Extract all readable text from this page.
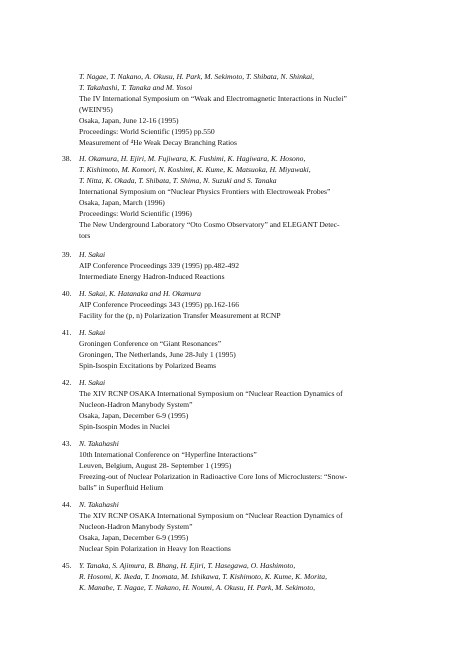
T. Nagae, T. Nakano, A. Okusu, H. Park, M. Sekimoto, T. Shibata, N. Shinkai,
T. Takahashi, T. Tanaka and M. Yosoi
The IV International Symposium on “Weak and Electromagnetic Interactions in Nuclei”
(WEIN'95)
Osaka, Japan, June 12-16 (1995)
Proceedings: World Scientific (1995) pp.550
Measurement of ⁴He Weak Decay Branching Ratios
38. H. Okamura, H. Ejiri, M. Fujiwara, K. Fushimi, K. Hagiwara, K. Hosono,
T. Kishimoto, M. Komori, N. Koshimi, K. Kume, K. Matsuoka, H. Miyawaki,
T. Nitta, K. Okada, T. Shibata, T. Shima, N. Suzuki and S. Tanaka
International Symposium on “Nuclear Physics Frontiers with Electroweak Probes”
Osaka, Japan, March (1996)
Proceedings: World Scientific (1996)
The New Underground Laboratory “Oto Cosmo Observatory” and ELEGANT Detec-
tors
39. H. Sakai
AIP Conference Proceedings 339 (1995) pp.482-492
Intermediate Energy Hadron-Induced Reactions
40. H. Sakai, K. Hatanaka and H. Okamura
AIP Conference Proceedings 343 (1995) pp.162-166
Facility for the (p, n) Polarization Transfer Measurement at RCNP
41. H. Sakai
Groningen Conference on “Giant Resonances”
Groningen, The Netherlands, June 28-July 1 (1995)
Spin-Isospin Excitations by Polarized Beams
42. H. Sakai
The XIV RCNP OSAKA International Symposium on “Nuclear Reaction Dynamics of
Nucleon-Hadron Manybody System”
Osaka, Japan, December 6-9 (1995)
Spin-Isospin Modes in Nuclei
43. N. Takahashi
10th International Conference on “Hyperfine Interactions”
Leuven, Belgium, August 28- September 1 (1995)
Freezing-out of Nuclear Polarization in Radioactive Core Ions of Microclusters: “Snow-
balls” in Superfluid Helium
44. N. Takahashi
The XIV RCNP OSAKA International Symposium on “Nuclear Reaction Dynamics of
Nucleon-Hadron Manybody System”
Osaka, Japan, December 6-9 (1995)
Nuclear Spin Polarization in Heavy Ion Reactions
45. Y. Tanaka, S. Ajimura, B. Bhang, H. Ejiri, T. Hasegawa, O. Hashimoto,
R. Hosomi, K. Ikeda, T. Inomata, M. Ishikawa, T. Kishimoto, K. Kume, K. Morita,
K. Manabe, T. Nagae, T. Nakano, H. Noumi, A. Okusu, H. Park, M. Sekimoto,
